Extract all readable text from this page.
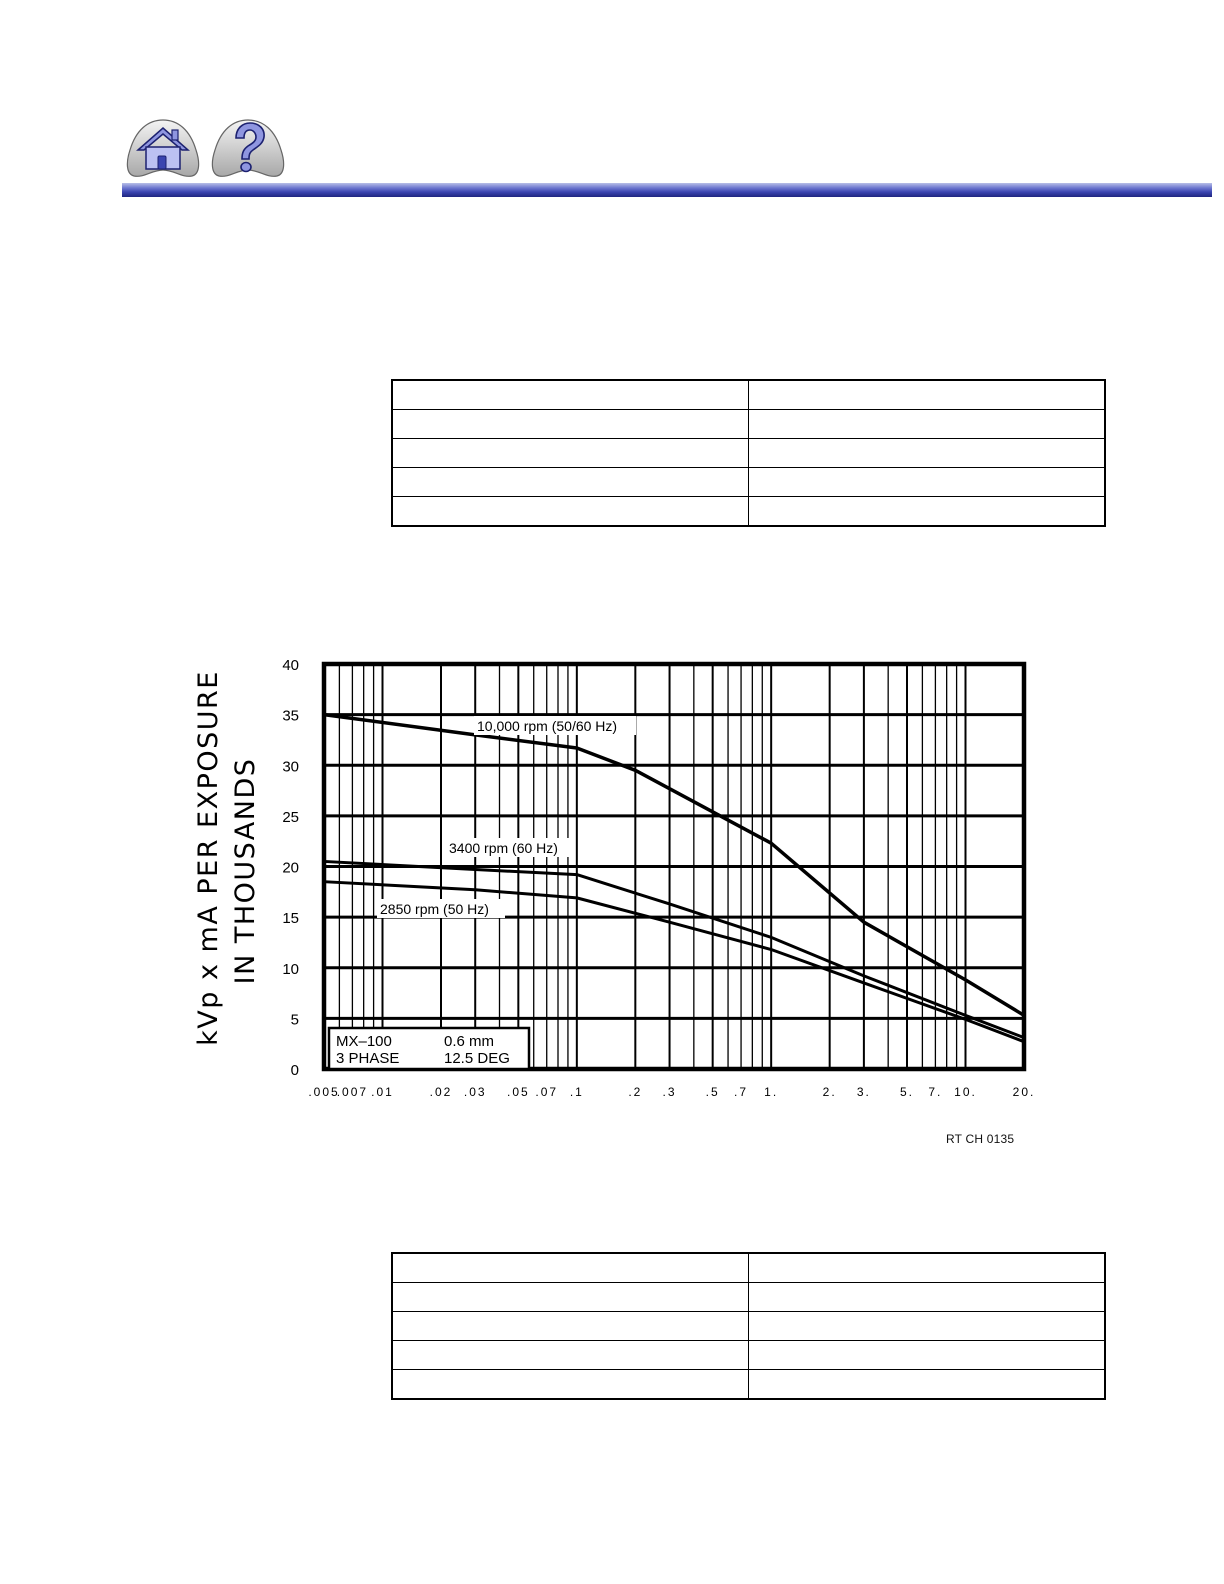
0
5
10
15
20
25
30
35
40
.005
.007 .01	.02 .03 .05 .07 .1	.2 .3 .5 .7 1.	2. 3. 5. 7. 10.	20.
kVp x mA PER EXPOSURE IN THOUSANDS
10,000 rpm (50/60 Hz)
3400 rpm (60 Hz)
2850 rpm (50 Hz)
MX–100	0.6 mm
3 PHASE	12.5 DEG
RT CH 0135
